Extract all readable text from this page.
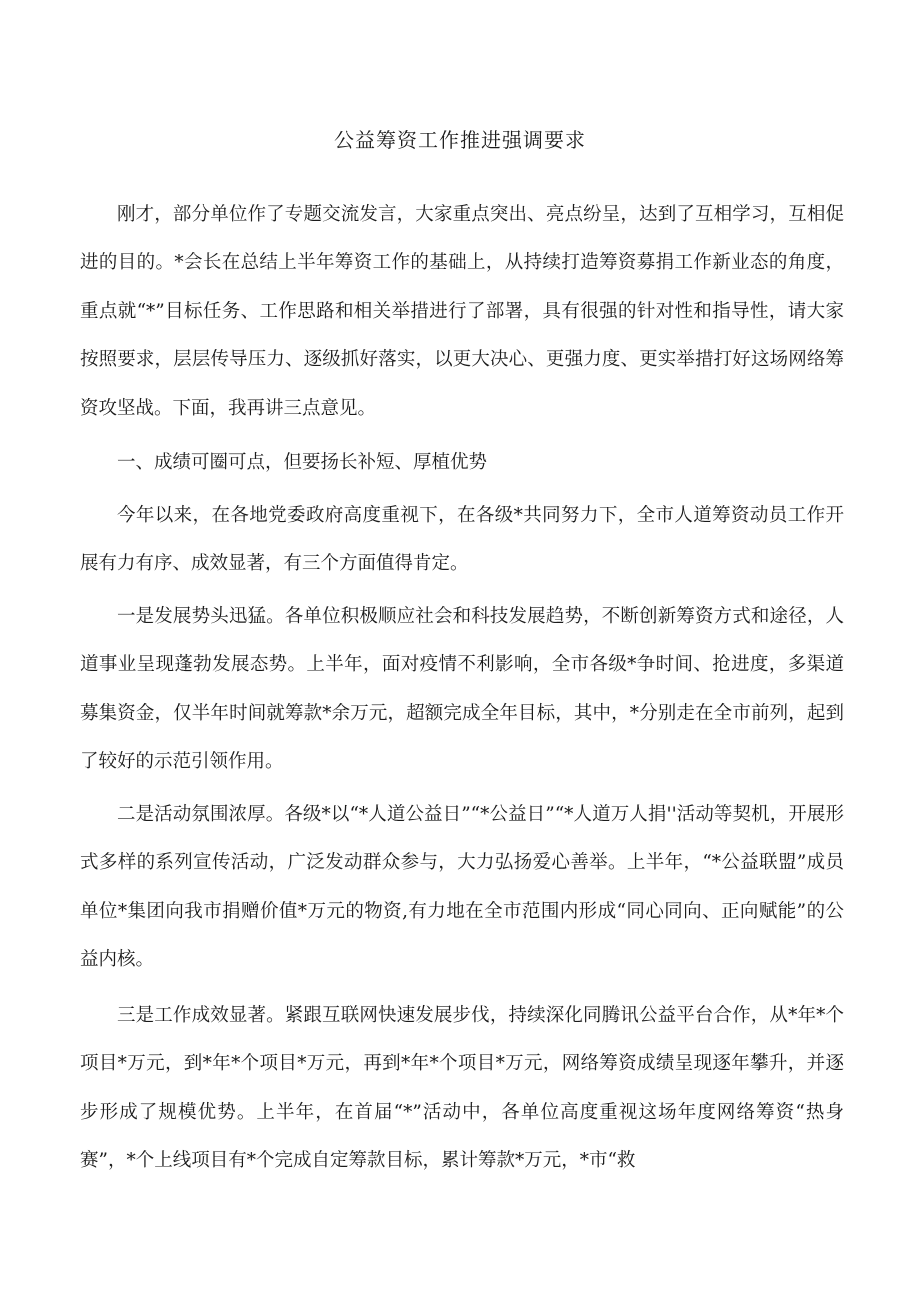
公益筹资工作推进强调要求

刚才，部分单位作了专题交流发言，大家重点突出、亮点纷呈，达到了互相学习，互相促进的目的。*会长在总结上半年筹资工作的基础上，从持续打造筹资募捐工作新业态的角度，重点就“*”目标任务、工作思路和相关举措进行了部署，具有很强的针对性和指导性，请大家按照要求，层层传导压力、逐级抓好落实，以更大决心、更强力度、更实举措打好这场网络筹资攻坚战。下面，我再讲三点意见。

一、成绩可圈可点，但要扬长补短、厚植优势

今年以来，在各地党委政府高度重视下，在各级*共同努力下，全市人道筹资动员工作开展有力有序、成效显著，有三个方面值得肯定。

一是发展势头迅猛。各单位积极顺应社会和科技发展趋势，不断创新筹资方式和途径，人道事业呈现蓬勃发展态势。上半年，面对疫情不利影响，全市各级*争时间、抢进度，多渠道募集资金，仅半年时间就筹款*余万元，超额完成全年目标，其中，*分别走在全市前列，起到了较好的示范引领作用。

二是活动氛围浓厚。各级*以“*人道公益日”“*公益日”“*人道万人捐''活动等契机，开展形式多样的系列宣传活动，广泛发动群众参与，大力弘扬爱心善举。上半年，“*公益联盟”成员单位*集团向我市捐赠价值*万元的物资,有力地在全市范围内形成“同心同向、正向赋能”的公益内核。

三是工作成效显著。紧跟互联网快速发展步伐，持续深化同腾讯公益平台合作，从*年*个项目*万元，到*年*个项目*万元，再到*年*个项目*万元，网络筹资成绩呈现逐年攀升，并逐步形成了规模优势。上半年，在首届“*”活动中，各单位高度重视这场年度网络筹资“热身赛”，*个上线项目有*个完成自定筹款目标，累计筹款*万元，*市“救
